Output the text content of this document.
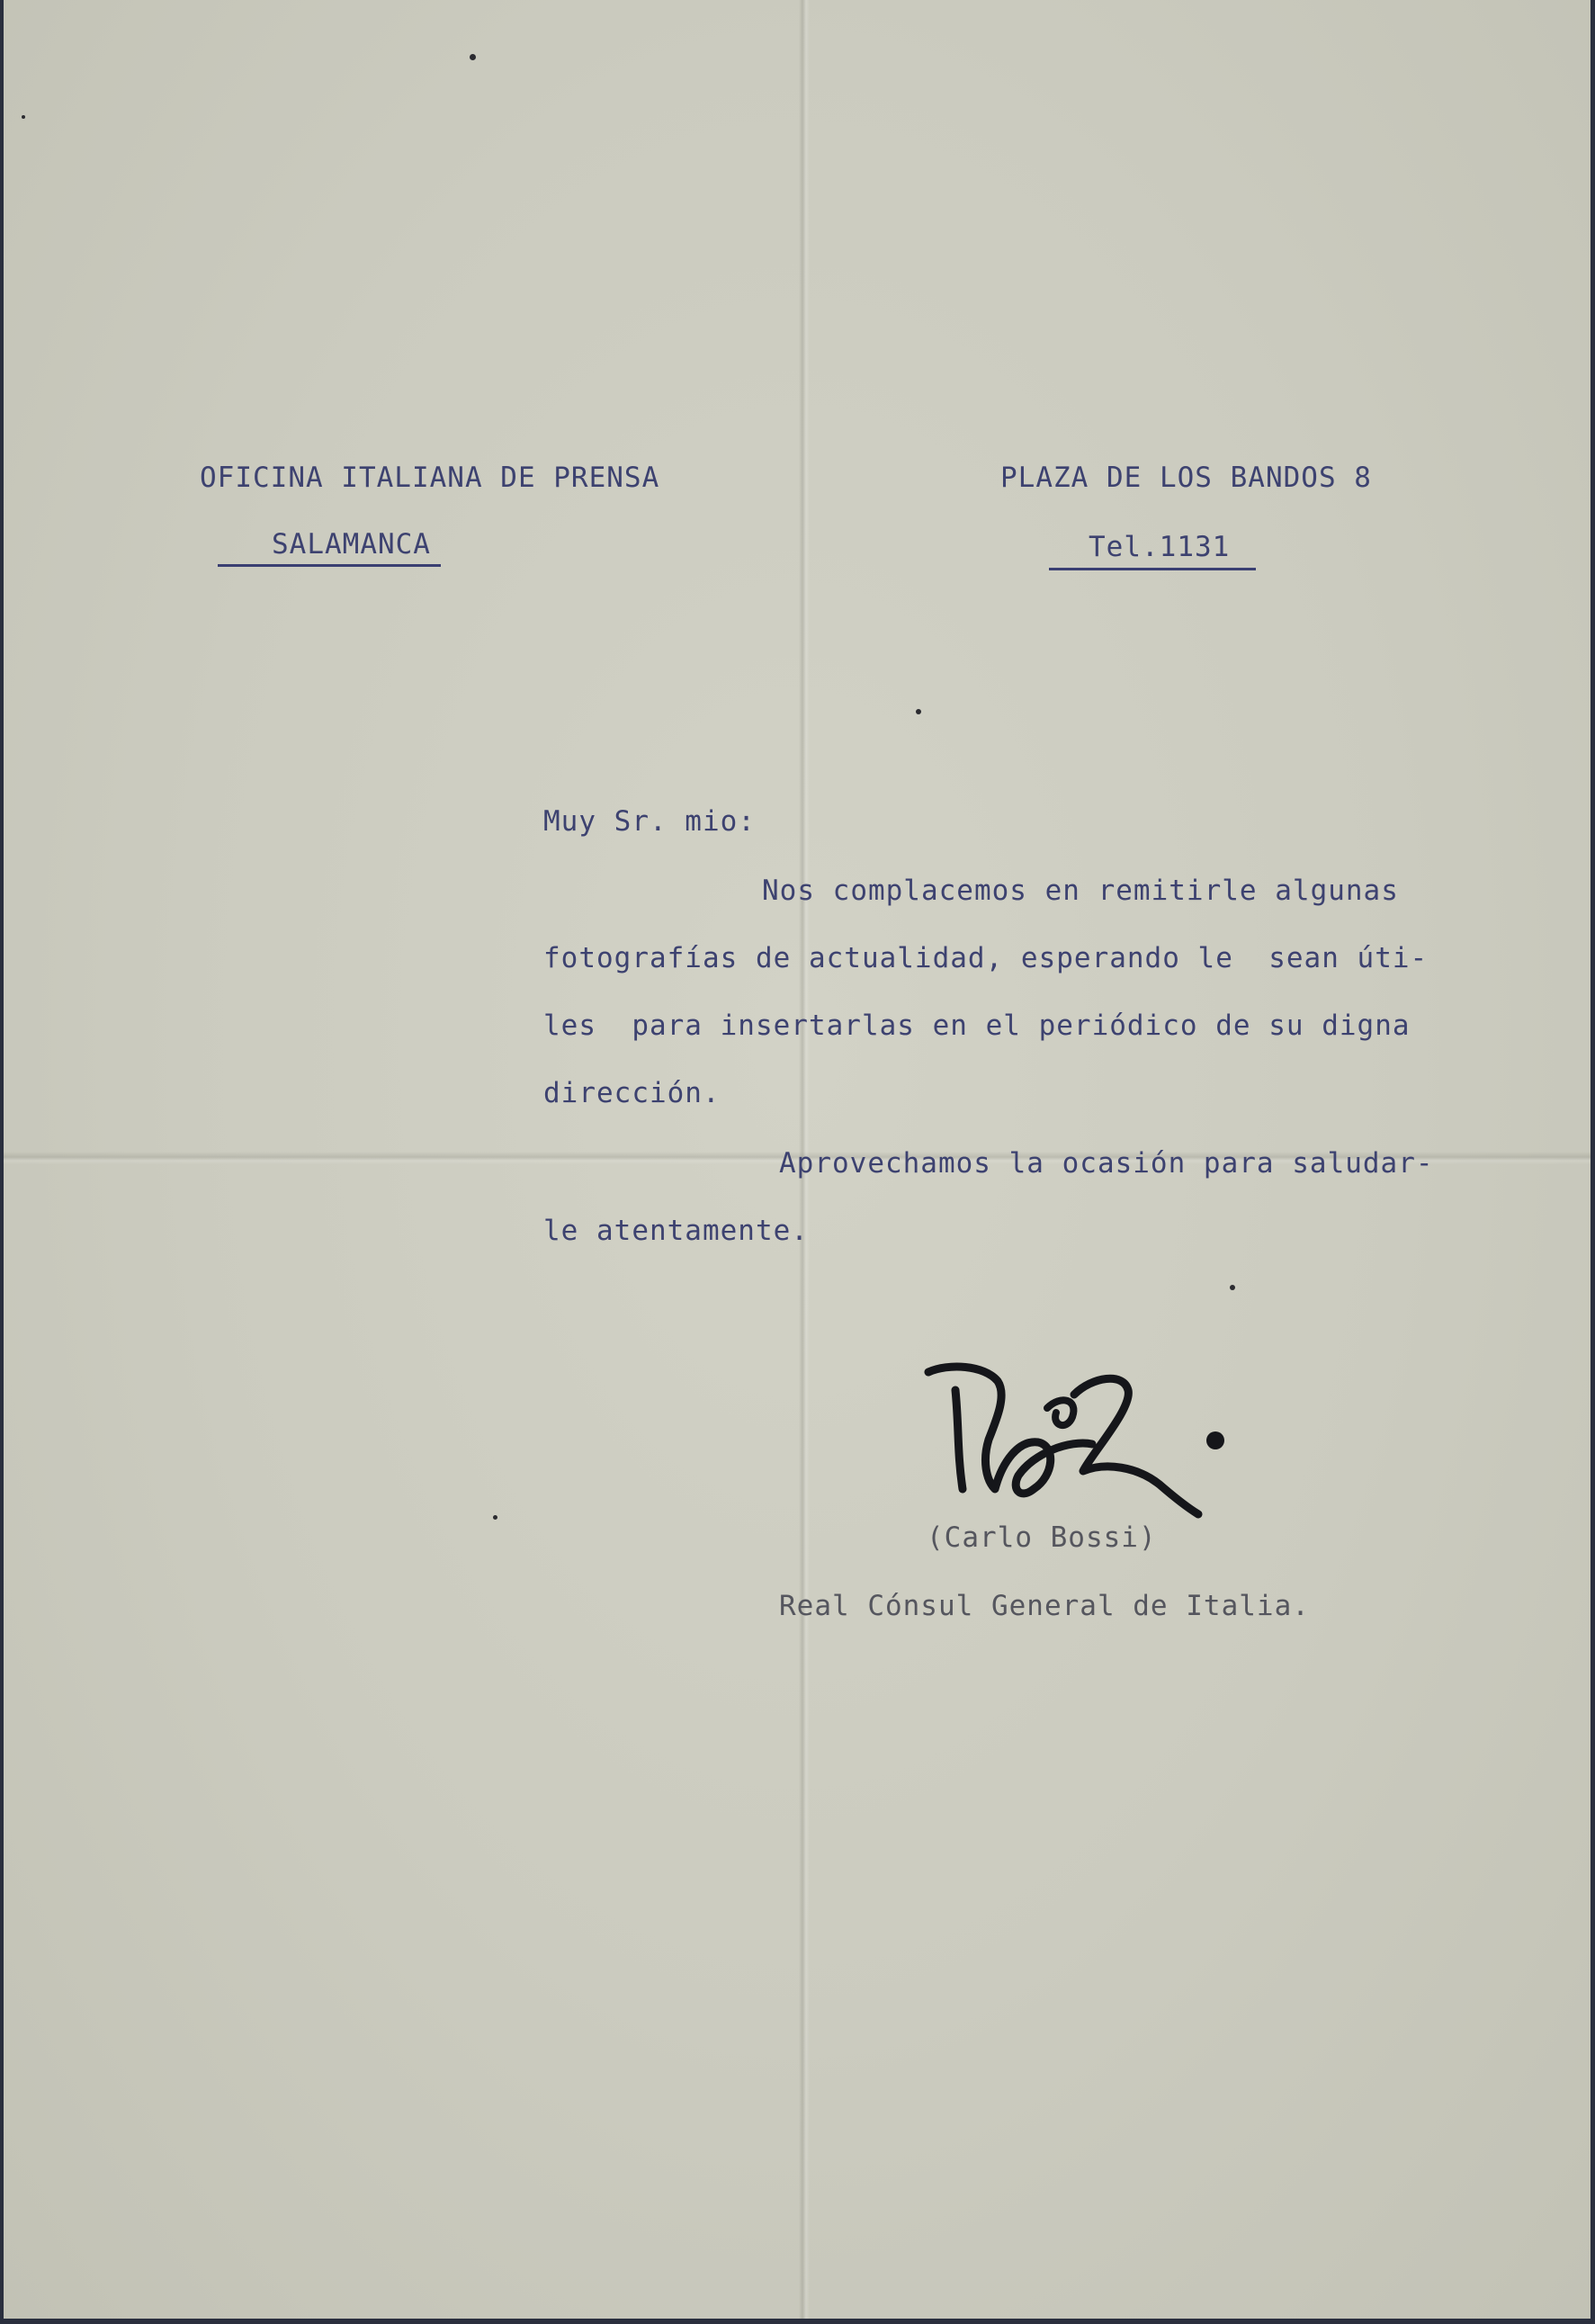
OFICINA ITALIANA DE PRENSA
SALAMANCA
PLAZA DE LOS BANDOS 8
Tel.1131
Muy Sr. mio:
Nos complacemos en remitirle algunas
fotografías de actualidad, esperando le  sean úti-
les  para insertarlas en el periódico de su digna
dirección.
Aprovechamos la ocasión para saludar-
le atentamente.
(Carlo Bossi)
Real Cónsul General de Italia.
